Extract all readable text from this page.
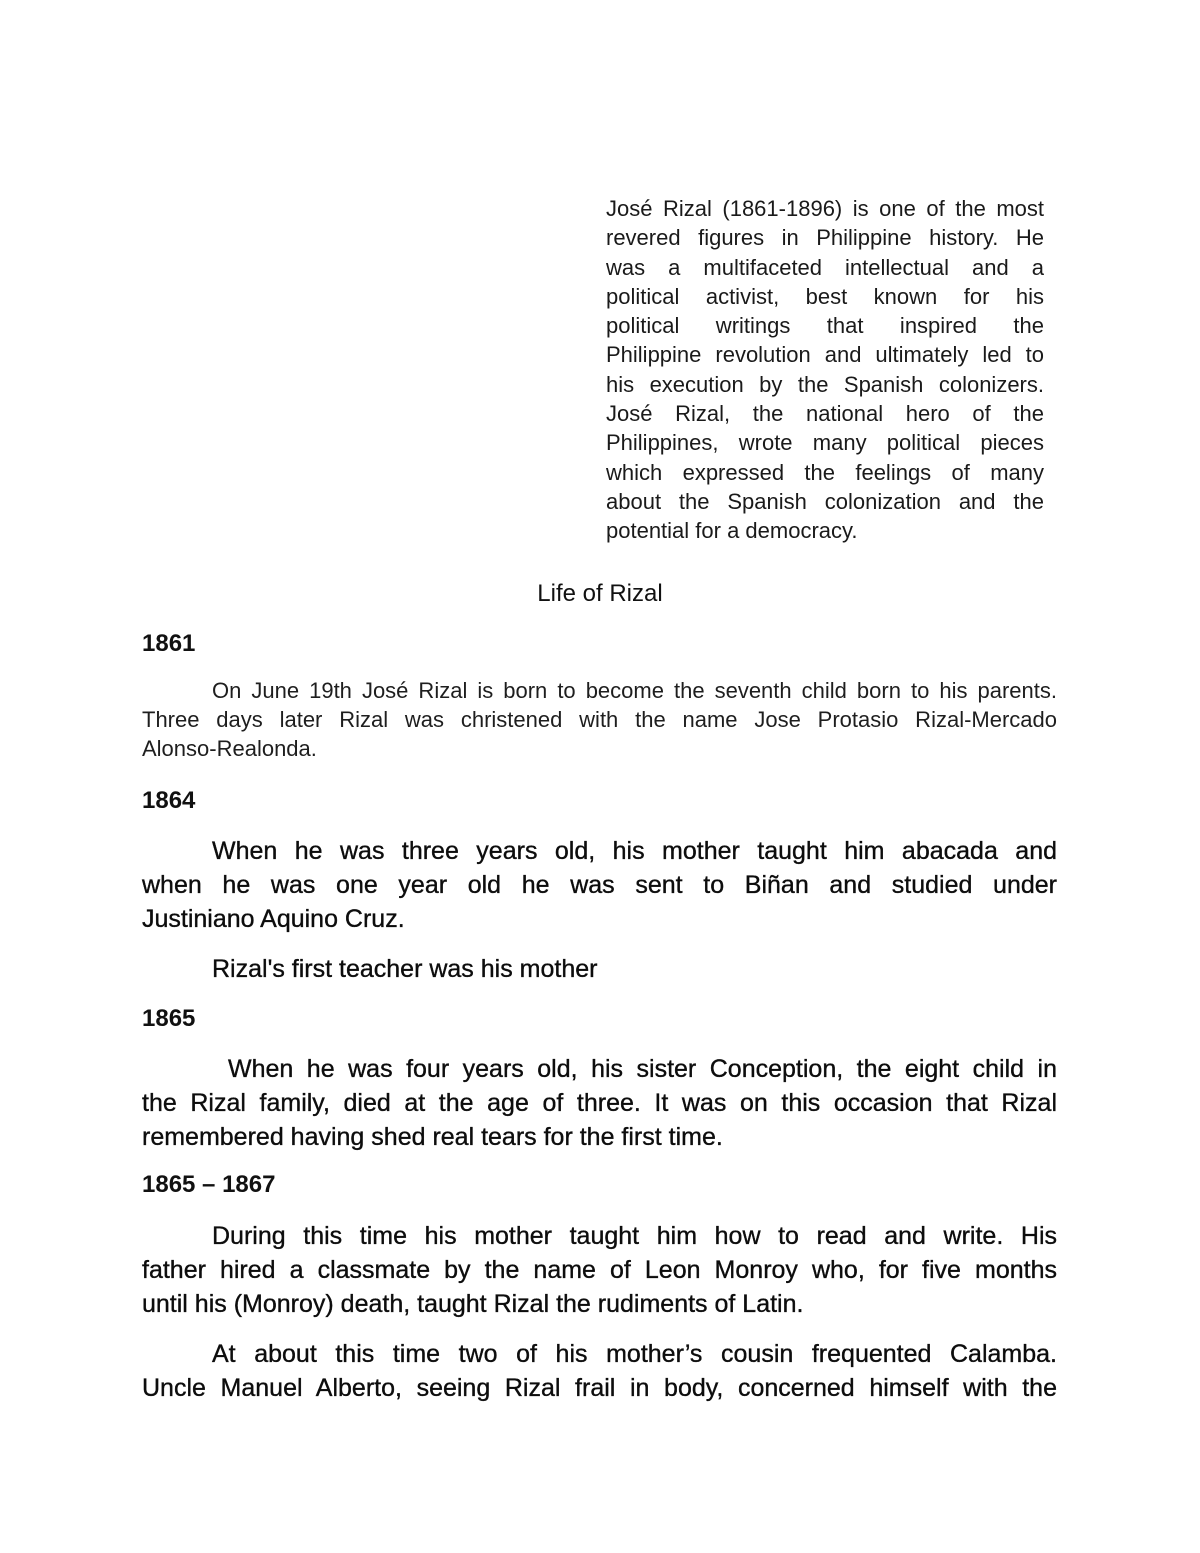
José Rizal (1861-1896) is one of the most
revered figures in Philippine history. He
was a multifaceted intellectual and a
political activist, best known for his
political writings that inspired the
Philippine revolution and ultimately led to
his execution by the Spanish colonizers.
José Rizal, the national hero of the
Philippines, wrote many political pieces
which expressed the feelings of many
about the Spanish colonization and the
potential for a democracy.
Life of Rizal
1861
On June 19th José Rizal is born to become the seventh child born to his parents.
Three days later Rizal was christened with the name Jose Protasio Rizal-Mercado
Alonso-Realonda.
1864
When he was three years old, his mother taught him abacada and
when he was one year old he was sent to Biñan and studied under
Justiniano Aquino Cruz.
Rizal's first teacher was his mother
1865
When he was four years old, his sister Conception, the eight child in
the Rizal family, died at the age of three. It was on this occasion that Rizal
remembered having shed real tears for the first time.
1865 – 1867
During this time his mother taught him how to read and write. His
father hired a classmate by the name of Leon Monroy who, for five months
until his (Monroy) death, taught Rizal the rudiments of Latin.
At about this time two of his mother’s cousin frequented Calamba.
Uncle Manuel Alberto, seeing Rizal frail in body, concerned himself with the
